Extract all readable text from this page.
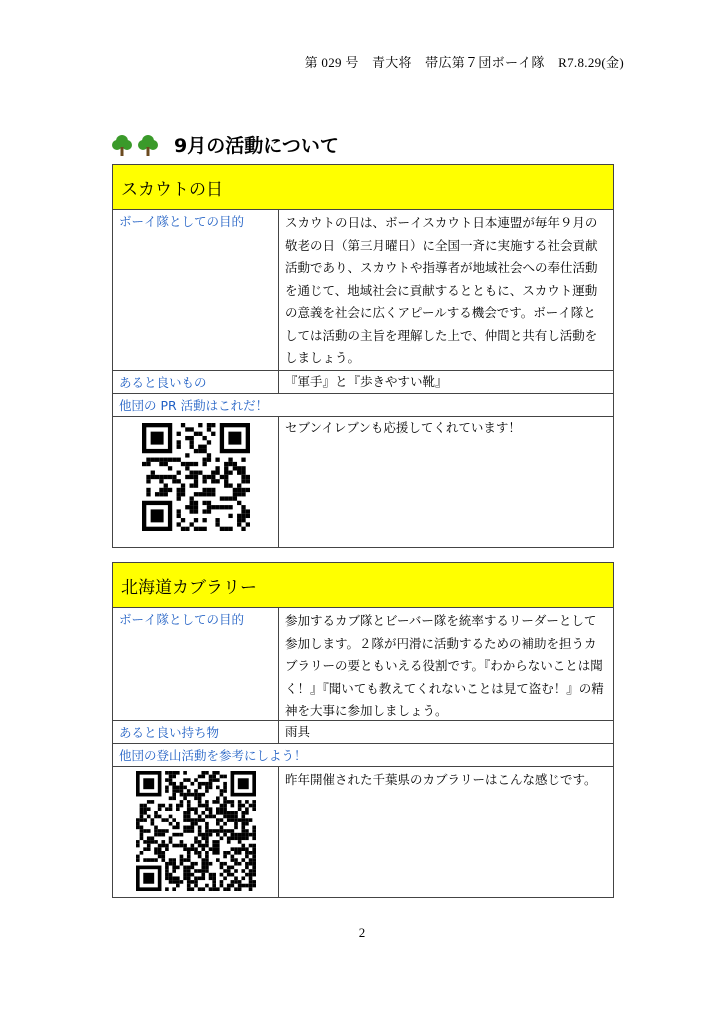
第 029 号　青大将　帯広第７団ボーイ隊　R7.8.29(金)
9月の活動について
スカウトの日
ボーイ隊としての目的	スカウトの日は、ボーイスカウト日本連盟が毎年９月の敬老の日（第三月曜日）に全国一斉に実施する社会貢献活動であり、スカウトや指導者が地域社会への奉仕活動を通じて、地域社会に貢献するとともに、スカウト運動の意義を社会に広くアピールする機会です。ボーイ隊としては活動の主旨を理解した上で、仲間と共有し活動をしましょう。
あると良いもの	『軍手』と『歩きやすい靴』
他団の PR 活動はこれだ！
セブンイレブンも応援してくれています！
北海道カブラリー
ボーイ隊としての目的	参加するカブ隊とビーバー隊を統率するリーダーとして参加します。２隊が円滑に活動するための補助を担うカブラリーの要ともいえる役割です。『わからないことは聞く！』『聞いても教えてくれないことは見て盗む！』の精神を大事に参加しましょう。
あると良い持ち物	雨具
他団の登山活動を参考にしよう！
昨年開催された千葉県のカブラリーはこんな感じです。
2
